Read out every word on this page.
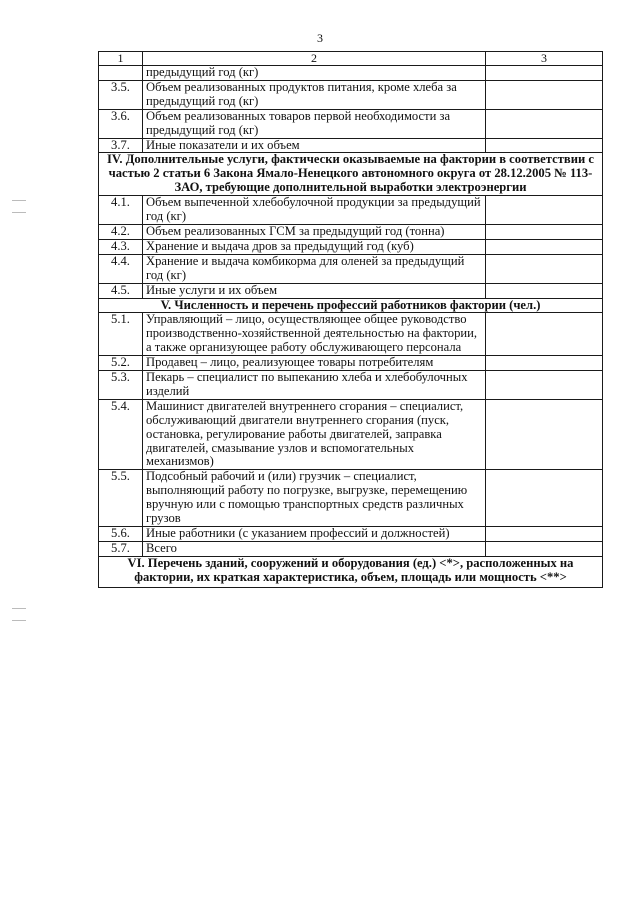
3
1	2	3
	предыдущий год (кг)	
3.5.	Объем реализованных продуктов питания, кроме хлеба за предыдущий год (кг)	
3.6.	Объем реализованных товаров первой необходимости за предыдущий год (кг)	
3.7.	Иные показатели и их объем	
IV. Дополнительные услуги, фактически оказываемые на фактории в соответствии с частью 2 статьи 6 Закона Ямало-Ненецкого автономного округа от 28.12.2005 № 113-ЗАО, требующие дополнительной выработки электроэнергии		
4.1.	Объем выпеченной хлебобулочной продукции за предыдущий год (кг)	
4.2.	Объем реализованных ГСМ за предыдущий год (тонна)	
4.3.	Хранение и выдача дров за предыдущий год (куб)	
4.4.	Хранение и выдача комбикорма для оленей за предыдущий год (кг)	
4.5.	Иные услуги и их объем	
V. Численность и перечень профессий работников фактории (чел.)		
5.1.	Управляющий – лицо, осуществляющее общее руководство производственно-хозяйственной деятельностью на фактории, а также организующее работу обслуживающего персонала	
5.2.	Продавец – лицо, реализующее товары потребителям	
5.3.	Пекарь – специалист по выпеканию хлеба и хлебобулочных изделий	
5.4.	Машинист двигателей внутреннего сгорания – специалист, обслуживающий двигатели внутреннего сгорания (пуск, остановка, регулирование работы двигателей, заправка двигателей, смазывание узлов и вспомогательных механизмов)	
5.5.	Подсобный рабочий и (или) грузчик – специалист, выполняющий работу по погрузке, выгрузке, перемещению вручную или с помощью транспортных средств различных грузов	
5.6.	Иные работники (с указанием профессий и должностей)	
5.7.	Всего	
VI. Перечень зданий, сооружений и оборудования (ед.) <*>, расположенных на фактории, их краткая характеристика, объем, площадь или мощность <**>		
